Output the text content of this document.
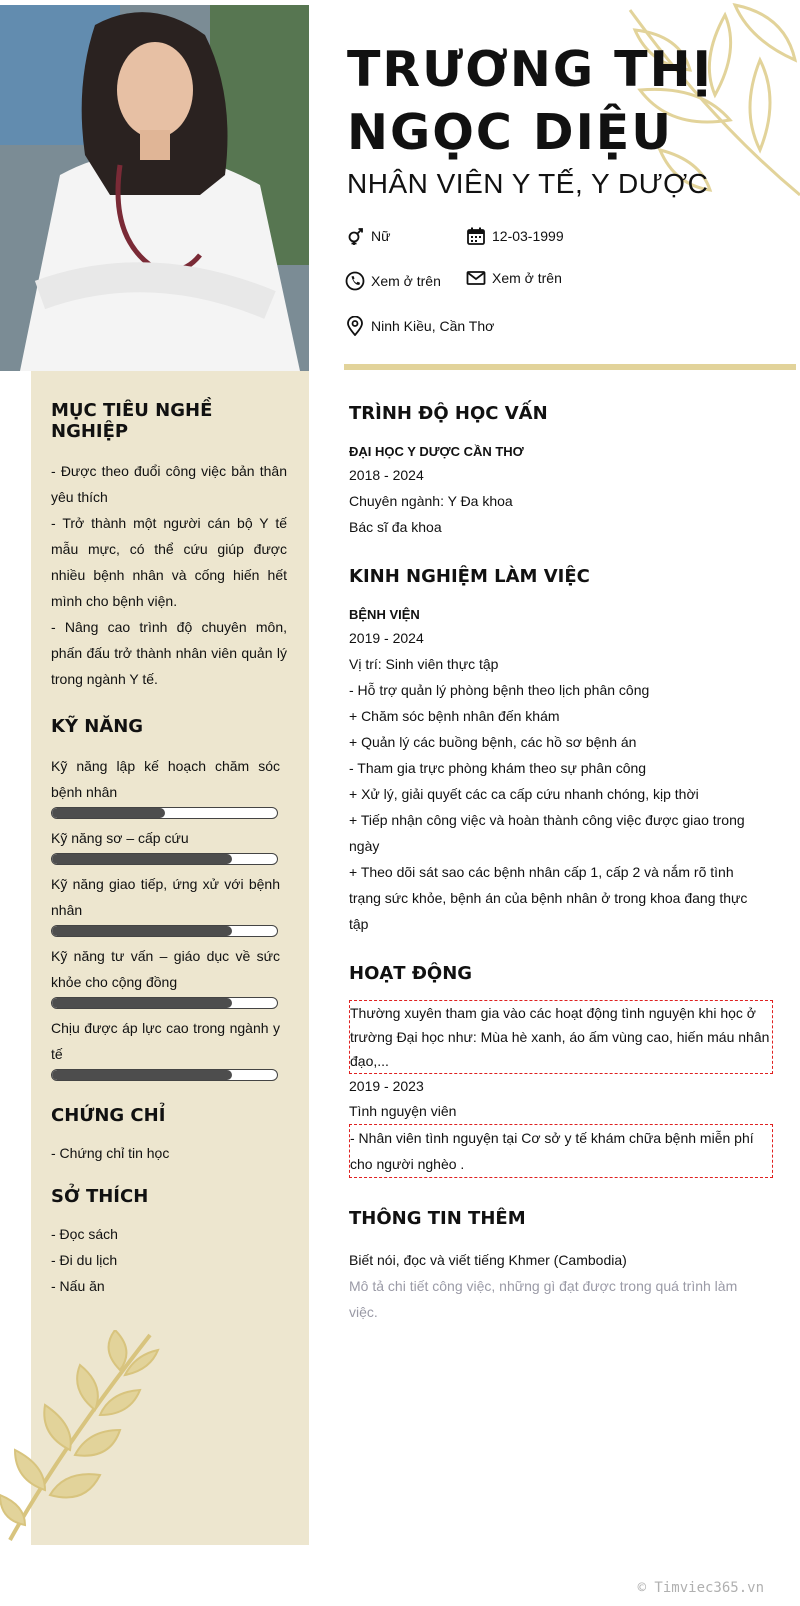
TRƯƠNG THỊ
NGỌC DIỆU
NHÂN VIÊN Y TẾ, Y DƯỢC
Nữ	12-03-1999
Xem ở trên	Xem ở trên
Ninh Kiều, Cần Thơ
MỤC TIÊU NGHỀ NGHIỆP

- Được theo đuổi công việc bản thân yêu thích

- Trở thành một người cán bộ Y tế mẫu mực, có thể cứu giúp được nhiều bệnh nhân và cống hiến hết mình cho bệnh viện.

- Nâng cao trình độ chuyên môn, phấn đấu trở thành nhân viên quản lý trong ngành Y tế.

KỸ NĂNG

Kỹ năng lập kế hoạch chăm sóc bệnh nhân

Kỹ năng sơ – cấp cứu

Kỹ năng giao tiếp, ứng xử với bệnh nhân

Kỹ năng tư vấn – giáo dục về sức khỏe cho cộng đồng

Chịu được áp lực cao trong ngành y tế

CHỨNG CHỈ

- Chứng chỉ tin học

SỞ THÍCH

- Đọc sách

- Đi du lịch

- Nấu ăn

TRÌNH ĐỘ HỌC VẤN
ĐẠI HỌC Y DƯỢC CẦN THƠ

2018 - 2024

Chuyên ngành: Y Đa khoa

Bác sĩ đa khoa

KINH NGHIỆM LÀM VIỆC
BỆNH VIỆN

2019 - 2024

Vị trí: Sinh viên thực tập

- Hỗ trợ quản lý phòng bệnh theo lịch phân công

+ Chăm sóc bệnh nhân đến khám

+ Quản lý các buồng bệnh, các hồ sơ bệnh án

- Tham gia trực phòng khám theo sự phân công

+ Xử lý, giải quyết các ca cấp cứu nhanh chóng, kịp thời

+ Tiếp nhận công việc và hoàn thành công việc được giao trong ngày

+ Theo dõi sát sao các bệnh nhân cấp 1, cấp 2 và nắm rõ tình trạng sức khỏe, bệnh án của bệnh nhân ở trong khoa đang thực tập

HOẠT ĐỘNG

Thường xuyên tham gia vào các hoạt động tình nguyện khi học ở trường Đại học như: Mùa hè xanh, áo ấm vùng cao, hiến máu nhân đạo,...

2019 - 2023

Tình nguyện viên

- Nhân viên tình nguyện tại Cơ sở y tế khám chữa bệnh miễn phí cho người nghèo .

THÔNG TIN THÊM

Biết nói, đọc và viết tiếng Khmer (Cambodia)

Mô tả chi tiết công việc, những gì đạt được trong quá trình làm việc.

© Timviec365.vn
